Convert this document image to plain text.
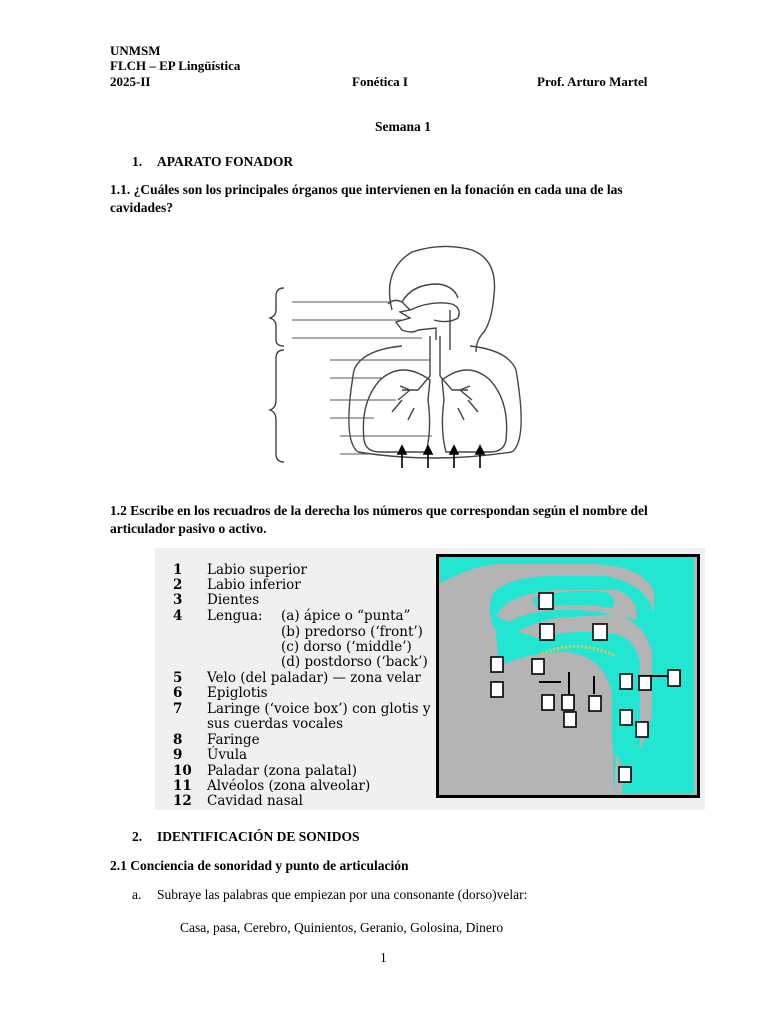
UNMSM
FLCH – EP Lingüística
2025-II	Fonética I	Prof. Arturo Martel
Semana 1
1. APARATO FONADOR
1.1. ¿Cuáles son los principales órganos que intervienen en la fonación en cada una de las cavidades?
1.2 Escribe en los recuadros de la derecha los números que correspondan según el nombre del articulador pasivo o activo.
1 Labio superior
2 Labio inferior
3 Dientes
4 Lengua: (a) ápice o “punta”
(b) predorso (‘front’)
(c) dorso (‘middle’)
(d) postdorso (‘back’)
5 Velo (del paladar) — zona velar
6 Epiglotis
7 Laringe (‘voice box’) con glotis y
sus cuerdas vocales
8 Faringe
9 Úvula
10 Paladar (zona palatal)
11 Alvéolos (zona alveolar)
12 Cavidad nasal
2. IDENTIFICACIÓN DE SONIDOS
2.1 Conciencia de sonoridad y punto de articulación
a. Subraye las palabras que empiezan por una consonante (dorso)velar:
Casa, pasa, Cerebro, Quinientos, Geranio, Golosina, Dinero
1
